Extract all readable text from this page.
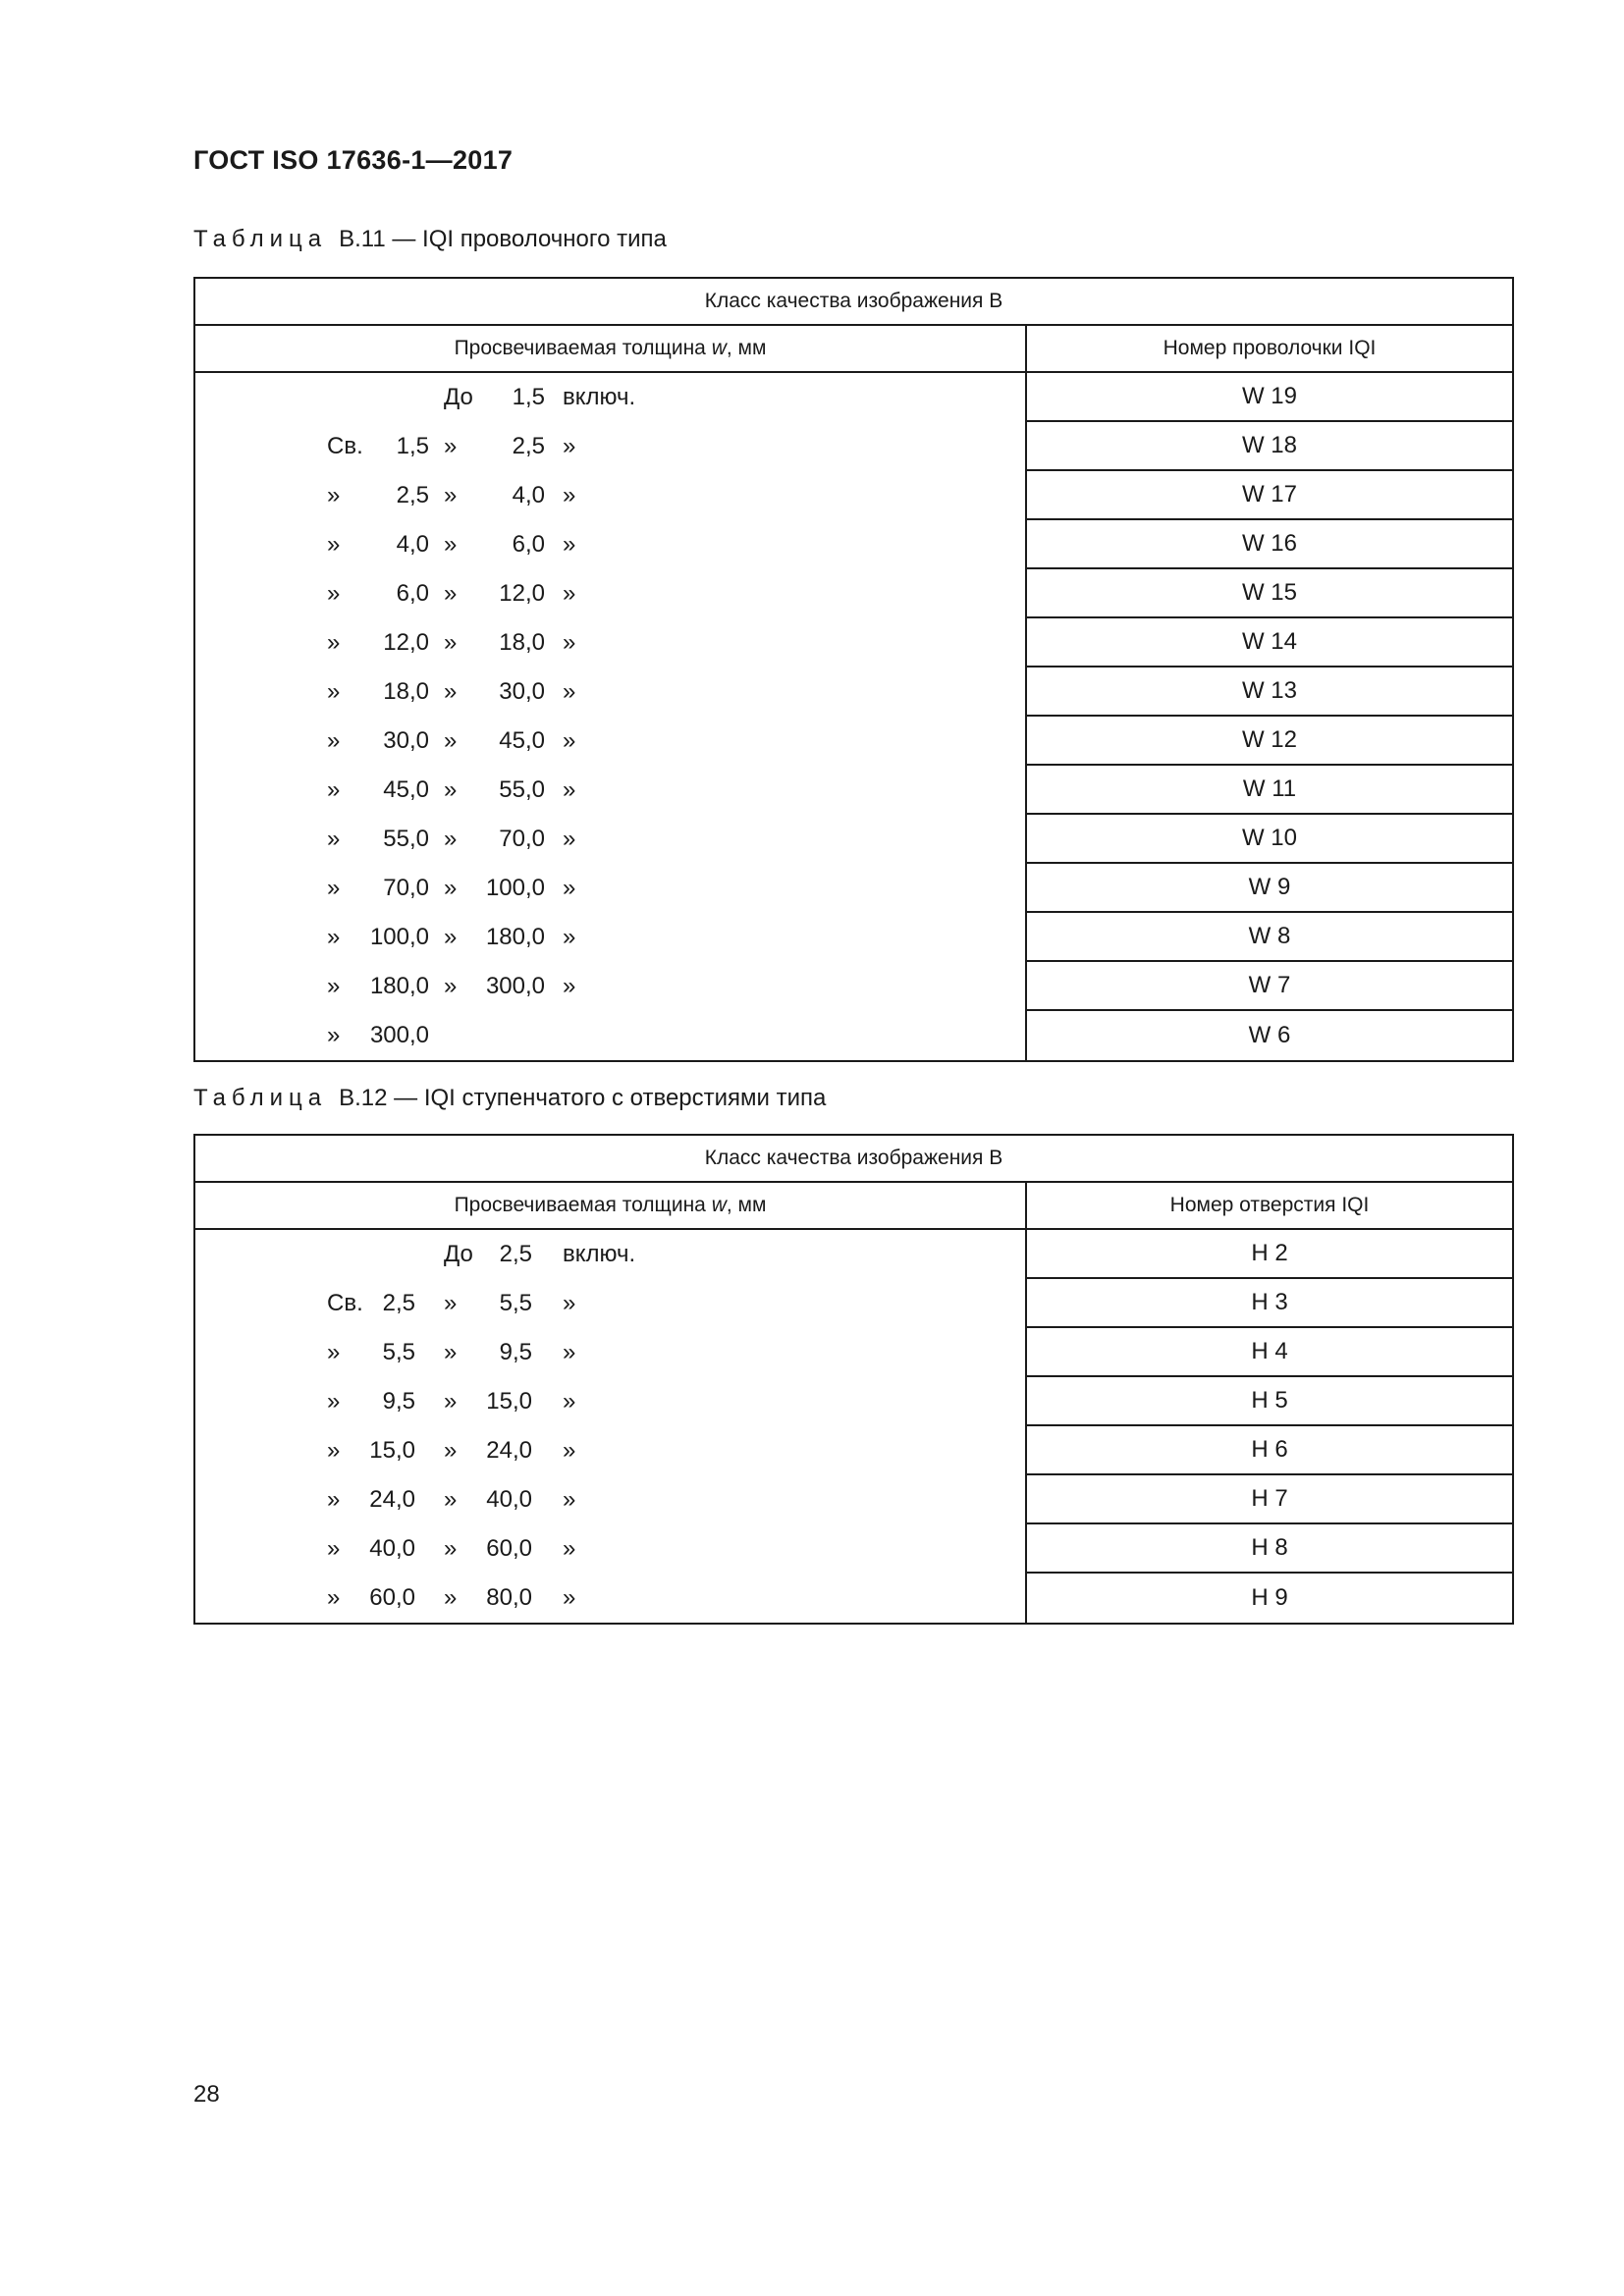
ГОСТ ISO 17636-1—2017
Таблица B.11 — IQI проволочного типа
Класс качества изображения B
Просвечиваемая толщина w , мм	Номер проволочки IQI
До 1,5 включ.
Св. 1,5 » 2,5 »
» 2,5 » 4,0 »
» 4,0 » 6,0 »
» 6,0 » 12,0 »
» 12,0 » 18,0 »
» 18,0 » 30,0 »
» 30,0 » 45,0 »
» 45,0 » 55,0 »
» 55,0 » 70,0 »
» 70,0 » 100,0 »
» 100,0 » 180,0 »
» 180,0 » 300,0 »
» 300,0
W 19
W 18
W 17
W 16
W 15
W 14
W 13
W 12
W 11
W 10
W 9
W 8
W 7
W 6
Таблица B.12 — IQI ступенчатого с отверстиями типа
Класс качества изображения B
Просвечиваемая толщина w , мм	Номер отверстия IQI
До 2,5 включ.
Св. 2,5 » 5,5 »
» 5,5 » 9,5 »
» 9,5 » 15,0 »
» 15,0 » 24,0 »
» 24,0 » 40,0 »
» 40,0 » 60,0 »
» 60,0 » 80,0 »
H 2
H 3
H 4
H 5
H 6
H 7
H 8
H 9
28
